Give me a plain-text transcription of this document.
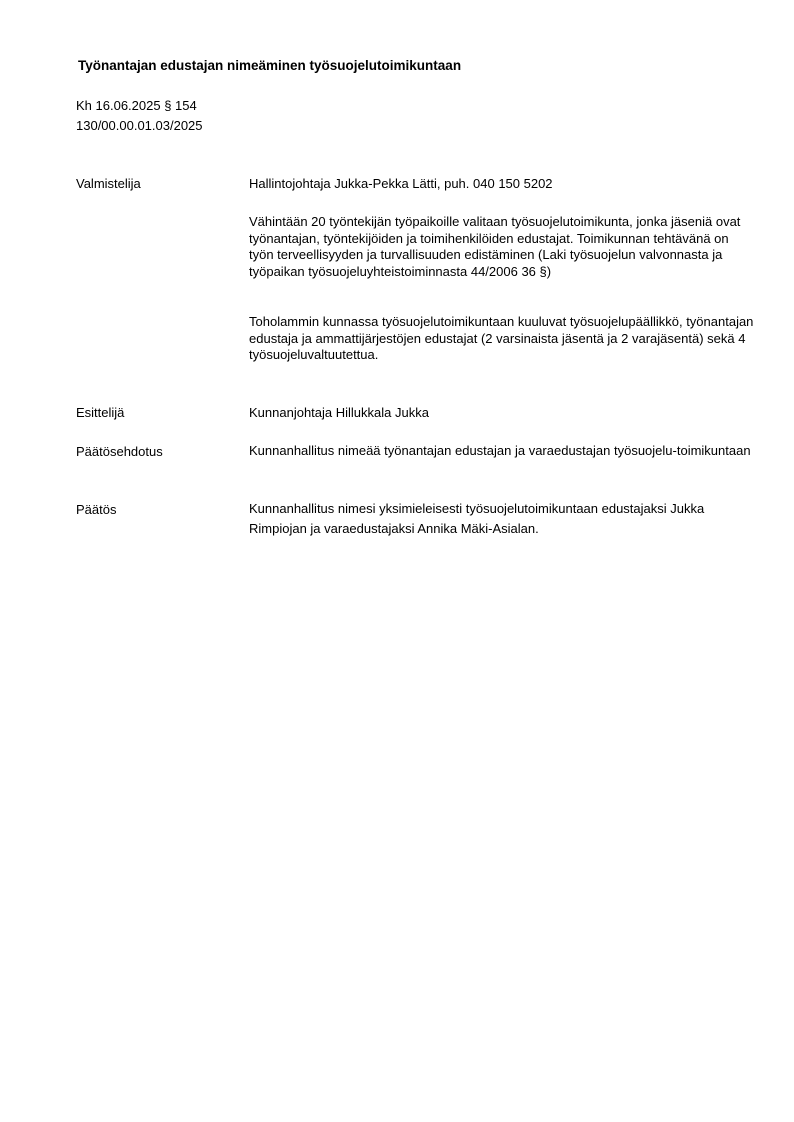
Työnantajan edustajan nimeäminen työsuojelutoimikuntaan
Kh 16.06.2025 § 154
130/00.00.01.03/2025
Valmistelija	Hallintojohtaja Jukka-Pekka Lätti, puh. 040 150 5202
Vähintään 20 työntekijän työpaikoille valitaan työsuojelutoimikunta, jonka jäseniä ovat työnantajan, työntekijöiden ja toimihenkilöiden edustajat. Toimikunnan tehtävänä on työn terveellisyyden ja turvallisuuden edistäminen (Laki työsuojelun valvonnasta ja työpaikan työsuojeluyhteistoiminnasta 44/2006 36 §)
Toholammin kunnassa työsuojelutoimikuntaan kuuluvat työsuojelupäällikkö, työnantajan edustaja ja ammattijärjestöjen edustajat (2 varsinaista jäsentä ja 2 varajäsentä) sekä 4 työsuojeluvaltuutettua.
Esittelijä	Kunnanjohtaja Hillukkala Jukka
Päätösehdotus	Kunnanhallitus nimeää työnantajan edustajan ja varaedustajan työsuojelu-toimikuntaan
Päätös	Kunnanhallitus nimesi yksimieleisesti työsuojelutoimikuntaan edustajaksi Jukka Rimpiojan ja varaedustajaksi Annika Mäki-Asialan.
